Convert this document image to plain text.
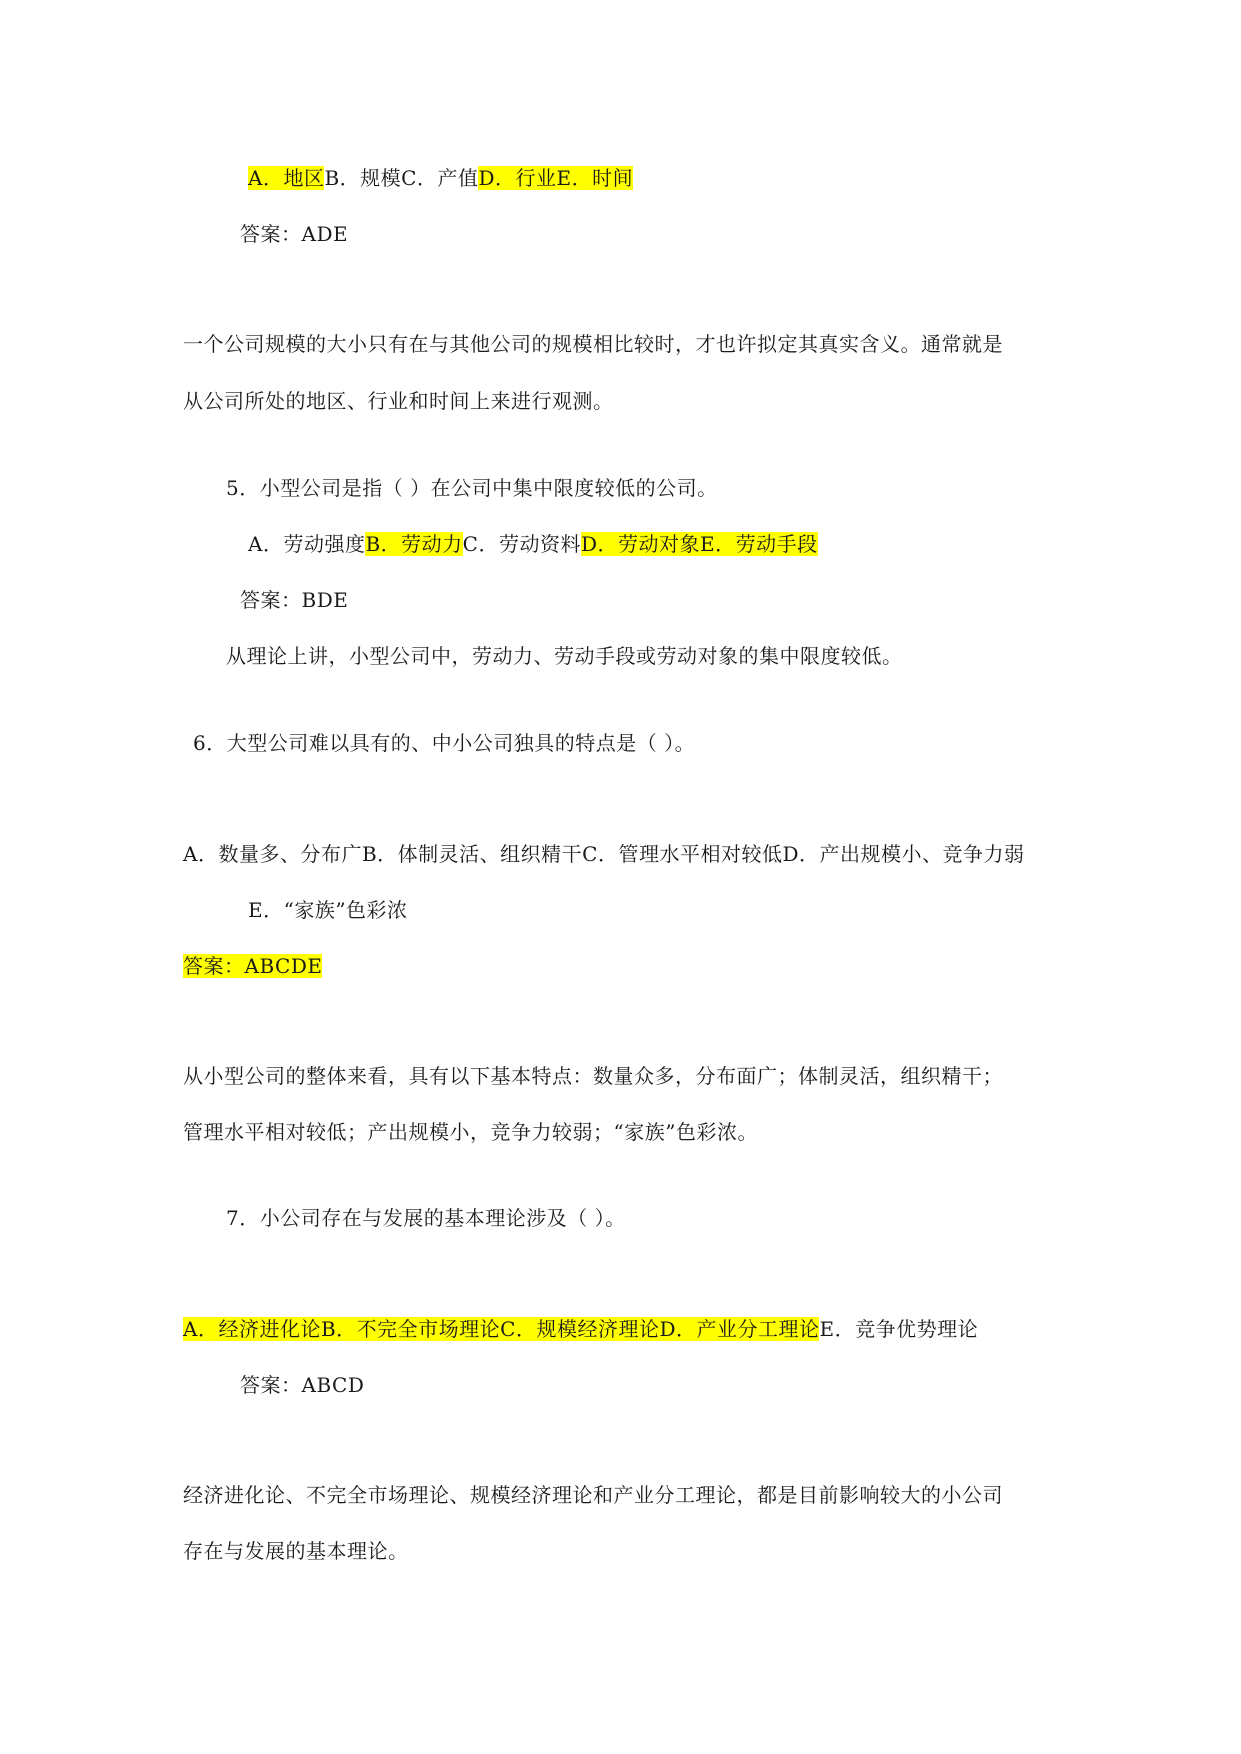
A．地区B．规模C．产值D．行业E．时间
答案：ADE
一个公司规模的大小只有在与其他公司的规模相比较时，才也许拟定其真实含义。通常就是
从公司所处的地区、行业和时间上来进行观测。
5．小型公司是指（ ）在公司中集中限度较低的公司。
A．劳动强度B．劳动力C．劳动资料D．劳动对象E．劳动手段
答案：BDE
从理论上讲，小型公司中，劳动力、劳动手段或劳动对象的集中限度较低。
6．大型公司难以具有的、中小公司独具的特点是（ ）。
A．数量多、分布广B．体制灵活、组织精干C．管理水平相对较低D．产出规模小、竞争力弱
E．“家族”色彩浓
答案：ABCDE
从小型公司的整体来看，具有以下基本特点：数量众多，分布面广；体制灵活，组织精干；
管理水平相对较低；产出规模小，竞争力较弱；“家族”色彩浓。
7．小公司存在与发展的基本理论涉及（ ）。
A．经济进化论B．不完全市场理论C．规模经济理论D．产业分工理论E．竞争优势理论
答案：ABCD
经济进化论、不完全市场理论、规模经济理论和产业分工理论，都是目前影响较大的小公司
存在与发展的基本理论。
